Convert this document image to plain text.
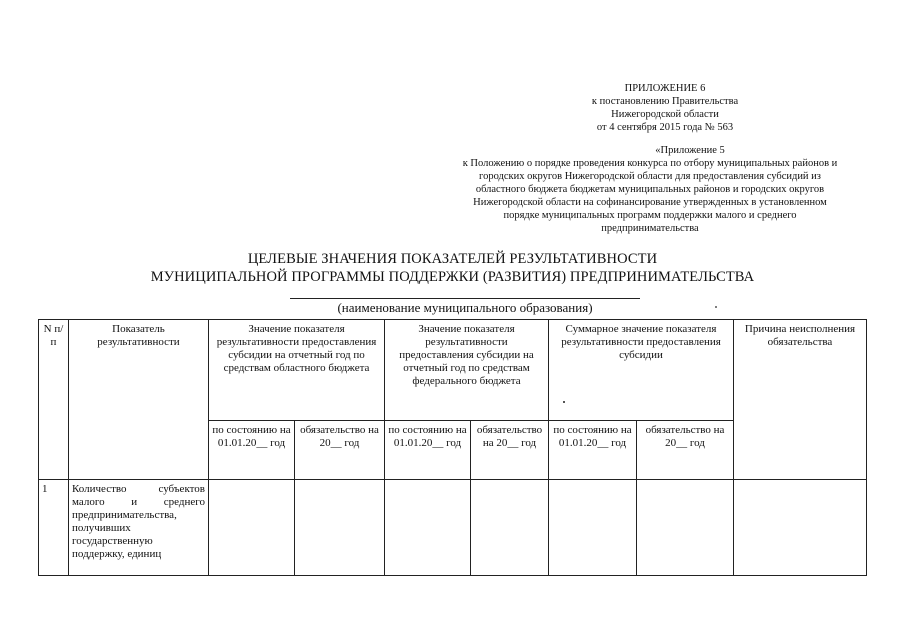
ПРИЛОЖЕНИЕ 6
к постановлению Правительства
Нижегородской области
от 4 сентября 2015 года № 563
«Приложение 5
к Положению о порядке проведения конкурса по отбору муниципальных районов и
городских округов Нижегородской области для предоставления субсидий из
областного бюджета бюджетам муниципальных районов и городских округов
Нижегородской области на софинансирование утвержденных в установленном
порядке муниципальных программ поддержки малого и среднего
предпринимательства
ЦЕЛЕВЫЕ ЗНАЧЕНИЯ ПОКАЗАТЕЛЕЙ РЕЗУЛЬТАТИВНОСТИ
МУНИЦИПАЛЬНОЙ ПРОГРАММЫ ПОДДЕРЖКИ (РАЗВИТИЯ) ПРЕДПРИНИМАТЕЛЬСТВА
(наименование муниципального образования)
N п/п	Показатель результативности	Значение показателя результативности предоставления субсидии на отчетный год по средствам областного бюджета		Значение показателя результативности предоставления субсидии на отчетный год по средствам федерального бюджета		Суммарное значение показателя результативности предоставления субсидии		Причина неисполнения обязательства
		по состоянию на 01.01.20__ год	обязательство на 20__ год	по состоянию на 01.01.20__ год	обязательство на 20__ год	по состоянию на 01.01.20__ год	обязательство на 20__ год	
1	Количество субъектов малого и среднего предпринимательства, получивших государственную поддержку, единиц							
